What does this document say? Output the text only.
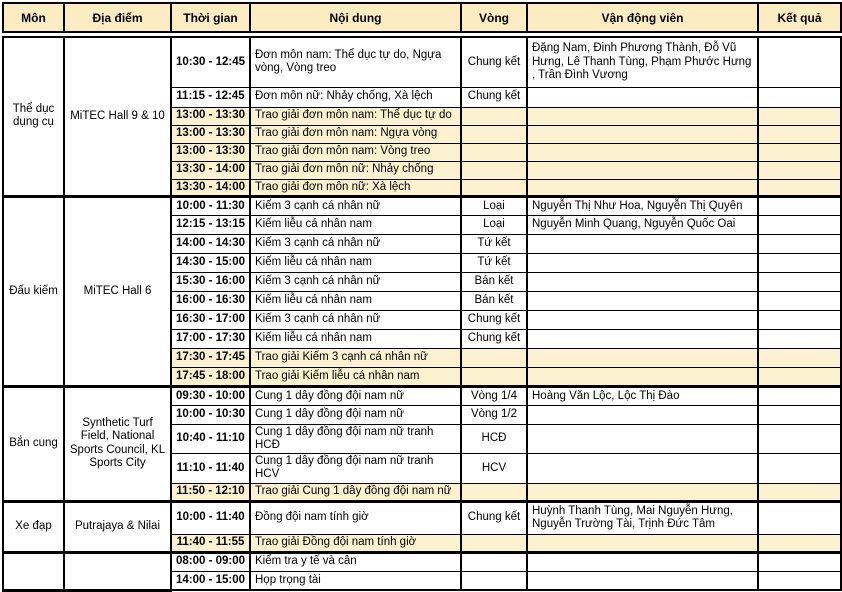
Môn	Địa điểm	Thời gian	Nội dung	Vòng	Vận động viên	Kết quả
Thể dục dụng cụ	MiTEC Hall 9 & 10	10:30 - 12:45	Đơn môn nam: Thể dục tự do, Ngựa vòng, Vòng treo	Chung kết	Đặng Nam, Đinh Phương Thành, Đỗ Vũ Hưng, Lê Thanh Tùng, Phạm Phước Hưng , Trần Đình Vương	
		11:15 - 12:45	Đơn môn nữ: Nhảy chống, Xà lệch	Chung kết		
		13:00 - 13:30	Trao giải đơn môn nam: Thể dục tự do			
		13:00 - 13:30	Trao giải đơn môn nam: Ngựa vòng			
		13:00 - 13:30	Trao giải đơn môn nam: Vòng treo			
		13:30 - 14:00	Trao giải đơn môn nữ: Nhảy chống			
		13:30 - 14:00	Trao giải đơn môn nữ: Xà lệch			
Đấu kiếm	MiTEC Hall 6	10:00 - 11:30	Kiếm 3 cạnh cá nhân nữ	Loại	Nguyễn Thị Như Hoa, Nguyễn Thị Quyên	
		12:15 - 13:15	Kiếm liễu cá nhân nam	Loại	Nguyễn Minh Quang, Nguyễn Quốc Oai	
		14:00 - 14:30	Kiếm 3 cạnh cá nhân nữ	Tứ kết		
		14:30 - 15:00	Kiếm liễu cá nhân nam	Tứ kết		
		15:30 - 16:00	Kiếm 3 cạnh cá nhân nữ	Bán kết		
		16:00 - 16:30	Kiếm liễu cá nhân nam	Bán kết		
		16:30 - 17:00	Kiếm 3 cạnh cá nhân nữ	Chung kết		
		17:00 - 17:30	Kiếm liễu cá nhân nam	Chung kết		
		17:30 - 17:45	Trao giải Kiếm 3 cạnh cá nhân nữ			
		17:45 - 18:00	Trao giải Kiếm liễu cá nhân nam			
Bắn cung	Synthetic Turf Field, National Sports Council, KL Sports City	09:30 - 10:00	Cung 1 dây đồng đội nam nữ	Vòng 1/4	Hoàng Văn Lộc, Lộc Thị Đào	
		10:00 - 10:30	Cung 1 dây đồng đội nam nữ	Vòng 1/2		
		10:40 - 11:10	Cung 1 dây đồng đội nam nữ tranh HCĐ	HCĐ		
		11:10 - 11:40	Cung 1 dây đồng đội nam nữ tranh HCV	HCV		
		11:50 - 12:10	Trao giải Cung 1 dây đồng đội nam nữ			
Xe đạp	Putrajaya & Nilai	10:00 - 11:40	Đồng đội nam tính giờ	Chung kết	Huỳnh Thanh Tùng, Mai Nguyễn Hưng, Nguyễn Trường Tài, Trịnh Đức Tâm	
		11:40 - 11:55	Trao giải Đồng đội nam tính giờ			
		08:00 - 09:00	Kiểm tra y tế và cân			
		14:00 - 15:00	Họp trọng tài			
